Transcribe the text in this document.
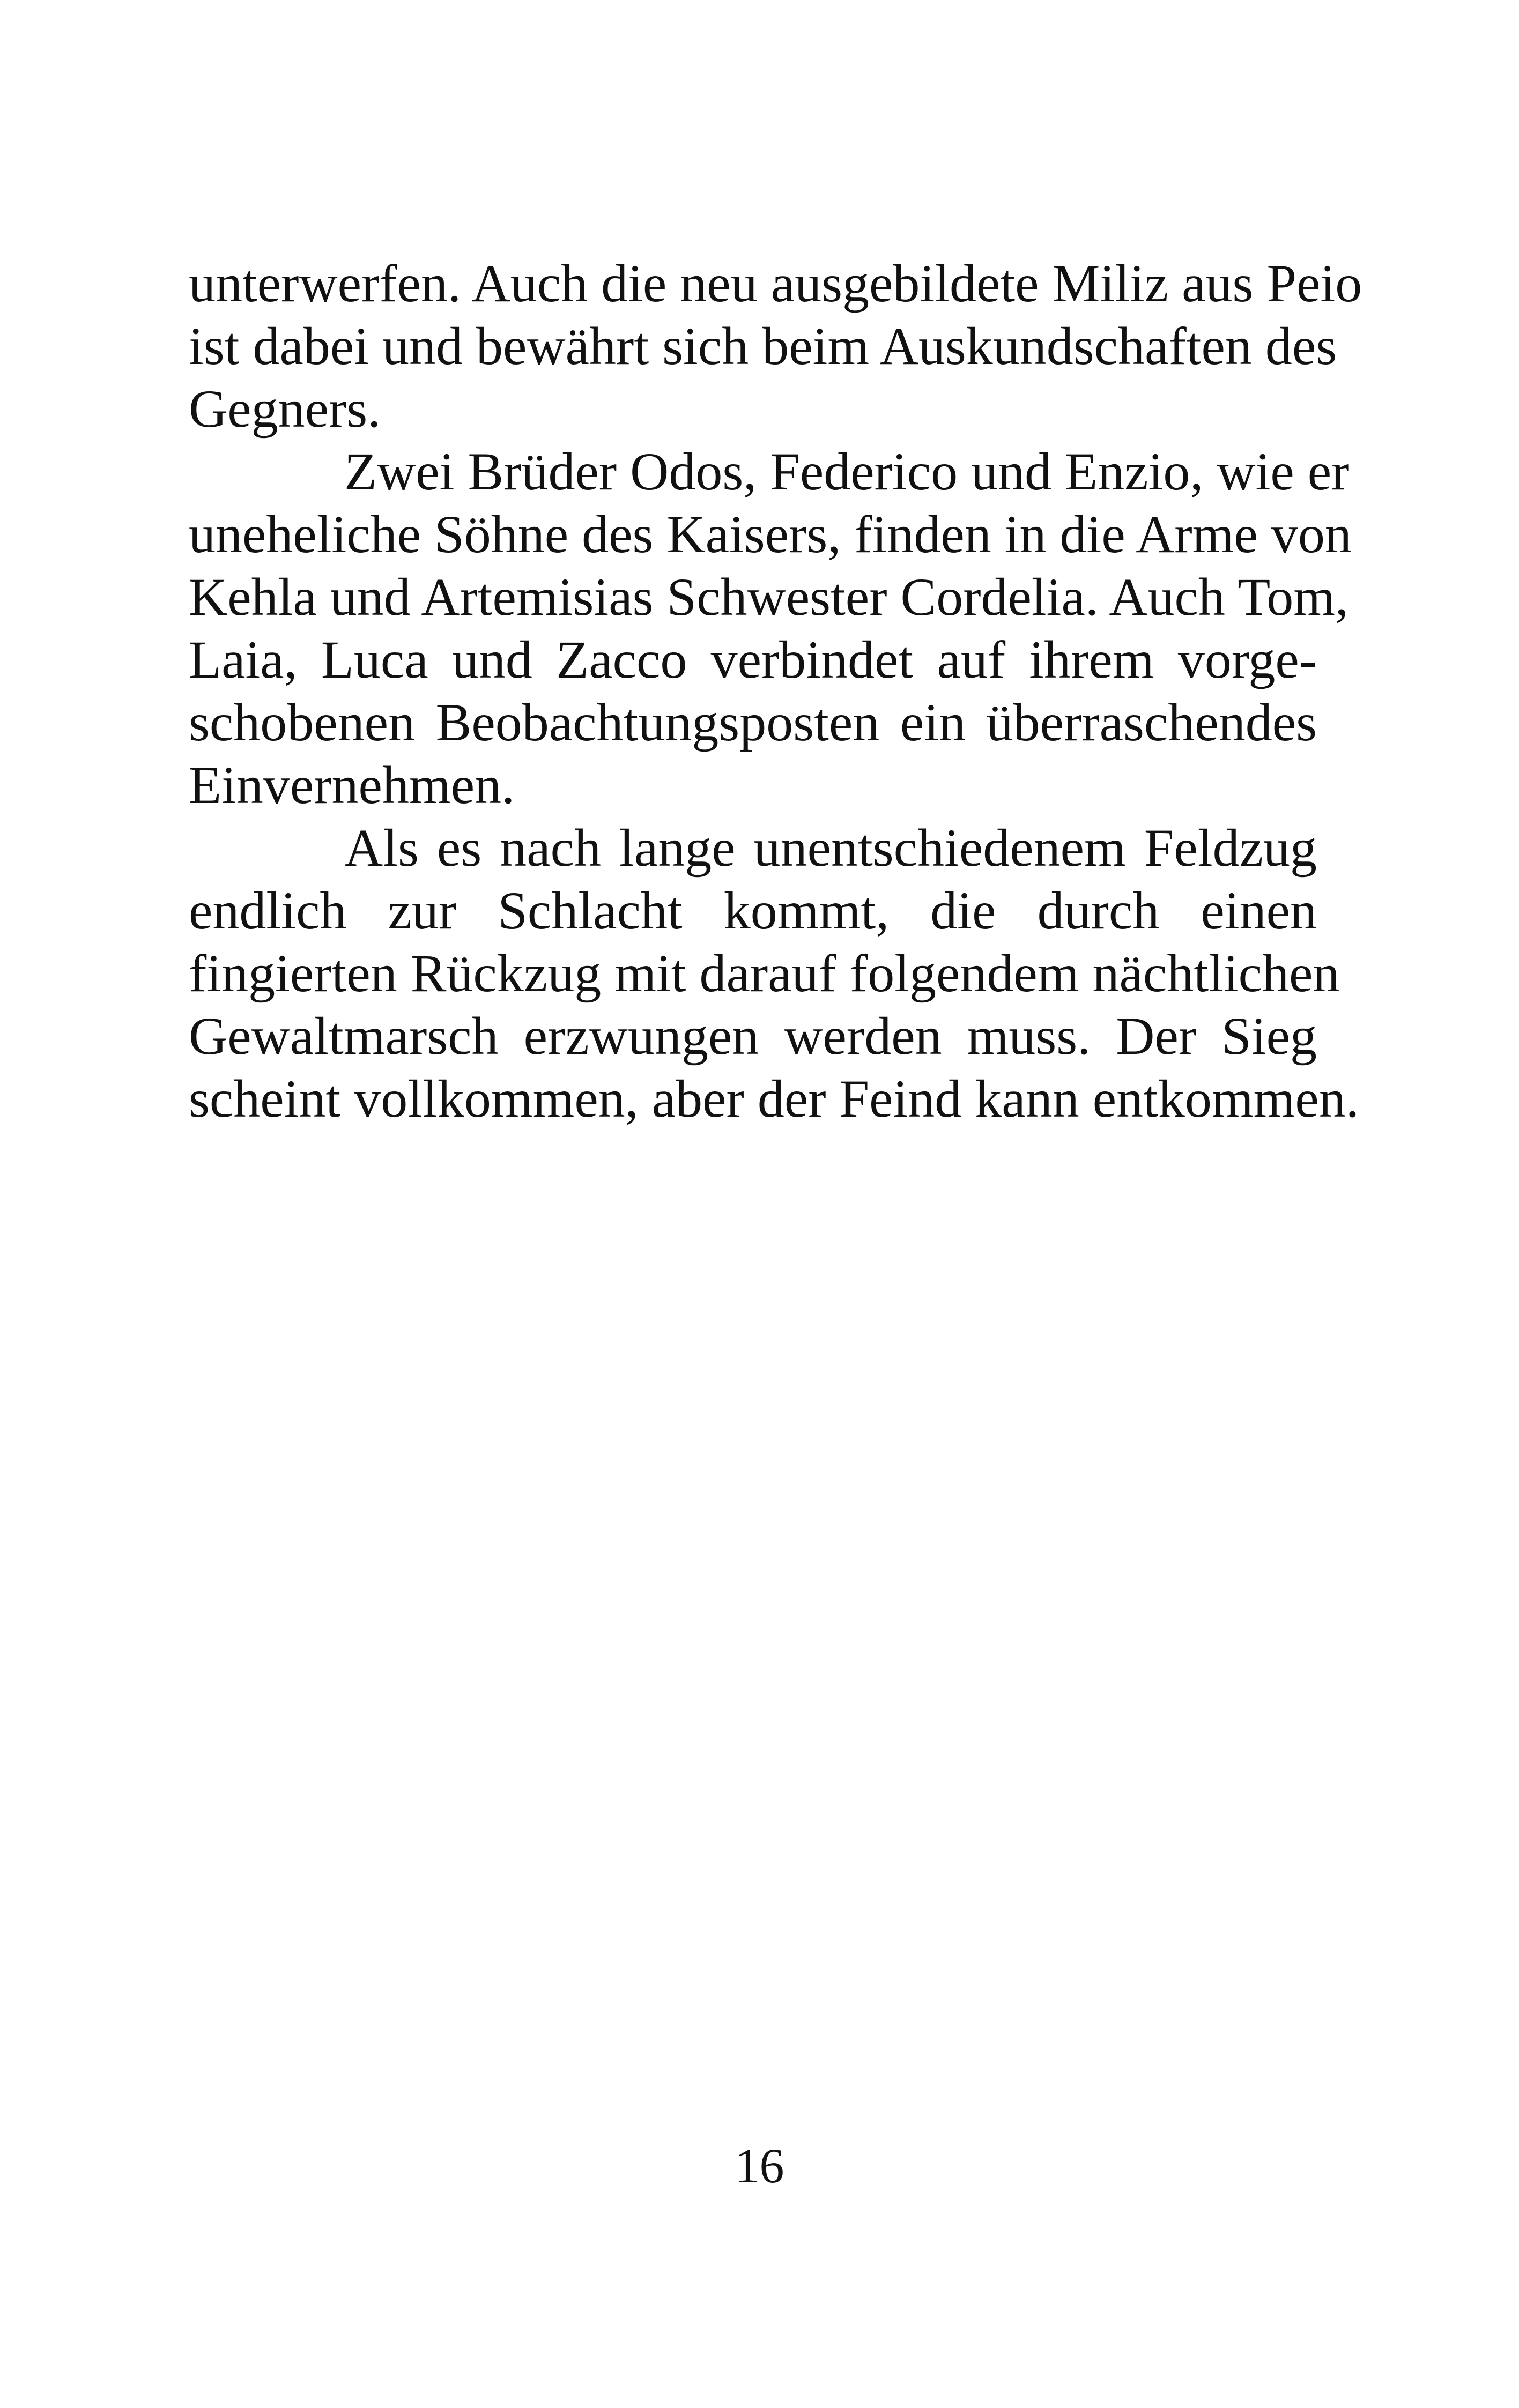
unterwerfen. Auch die neu ausgebildete Miliz aus Peio
ist dabei und bewährt sich beim Auskundschaften des
Gegners.
Zwei Brüder Odos, Federico und Enzio, wie er
uneheliche Söhne des Kaisers, finden in die Arme von
Kehla und Artemisias Schwester Cordelia. Auch Tom,
Laia, Luca und Zacco verbindet auf ihrem vorge-
schobenen Beobachtungsposten ein überraschendes
Einvernehmen.
Als es nach lange unentschiedenem Feldzug
endlich zur Schlacht kommt, die durch einen
fingierten Rückzug mit darauf folgendem nächtlichen
Gewaltmarsch erzwungen werden muss. Der Sieg
scheint vollkommen, aber der Feind kann entkommen.
16
